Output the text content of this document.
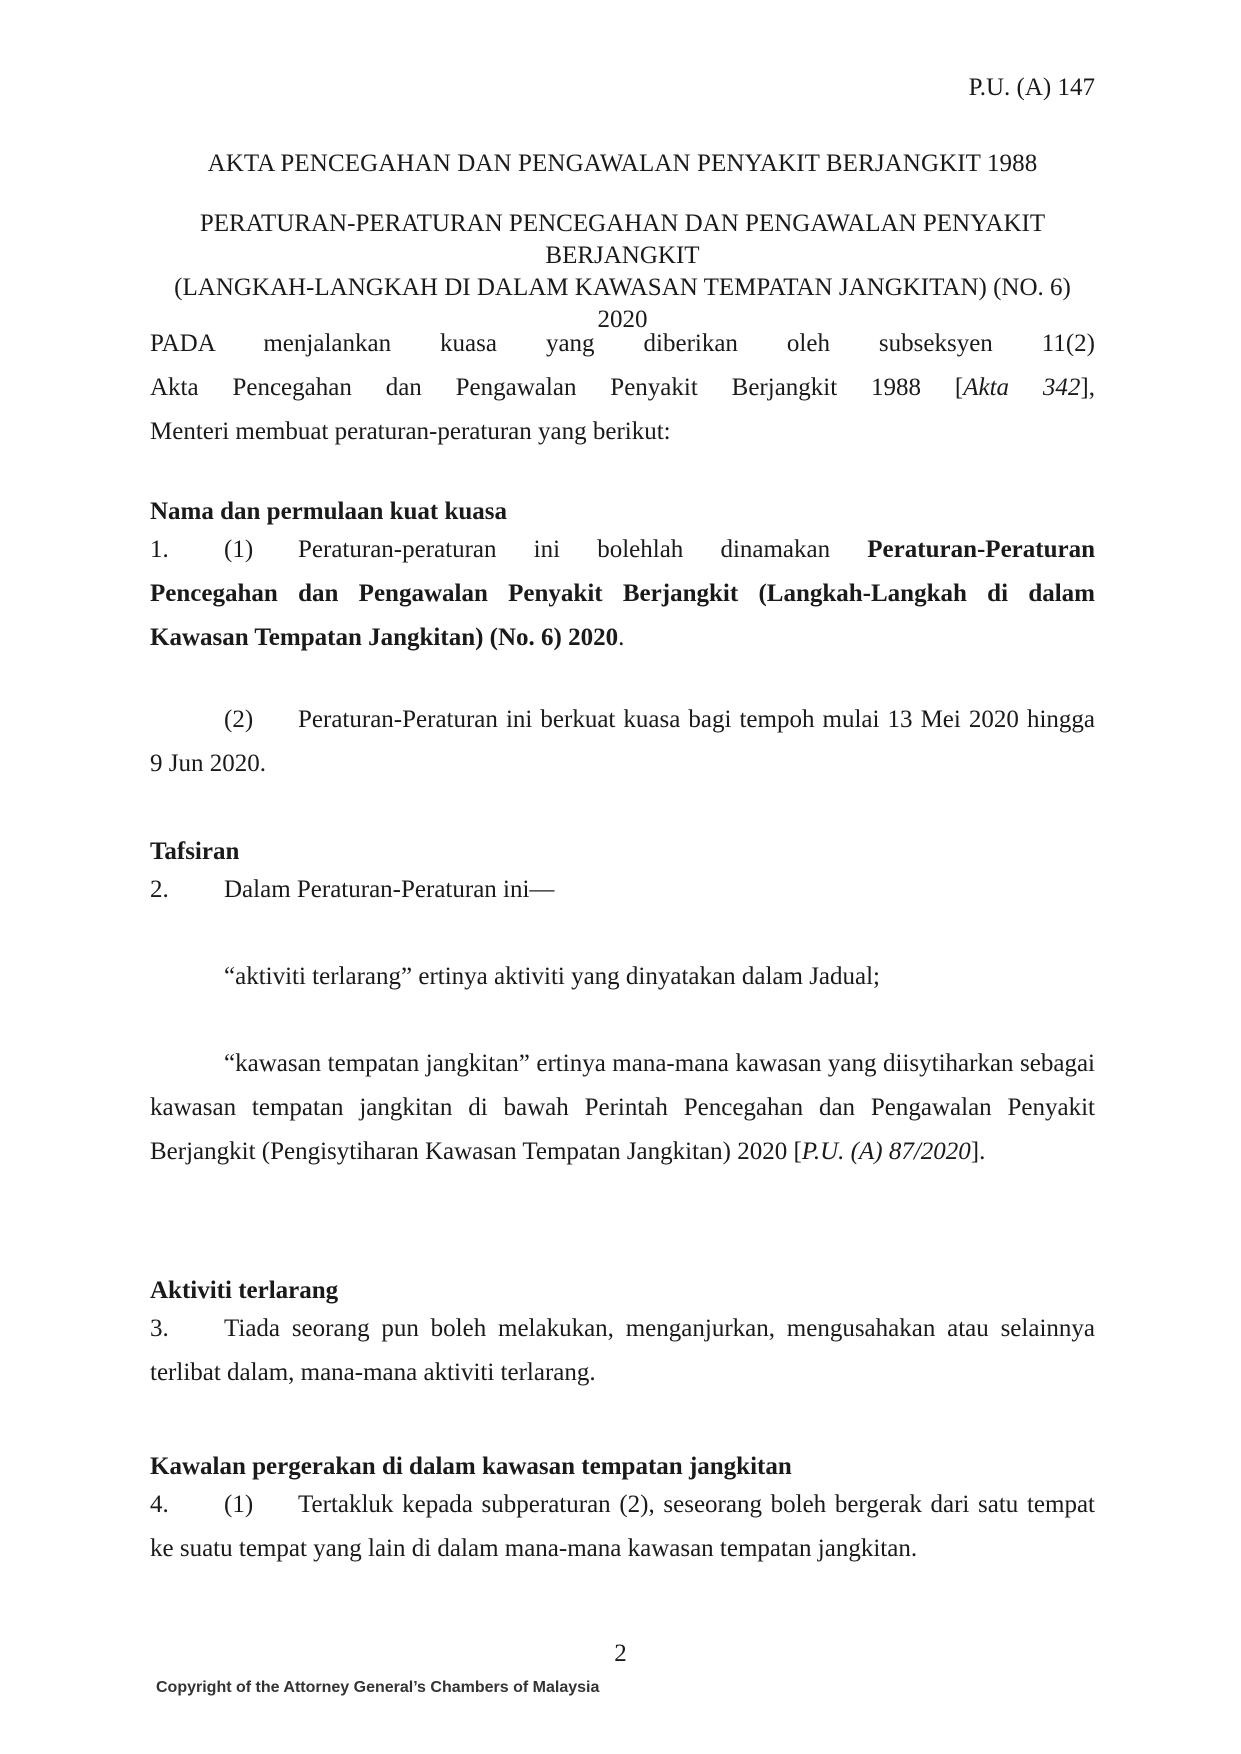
P.U. (A) 147
AKTA PENCEGAHAN DAN PENGAWALAN PENYAKIT BERJANGKIT 1988
PERATURAN-PERATURAN PENCEGAHAN DAN PENGAWALAN PENYAKIT BERJANGKIT
(LANGKAH-LANGKAH DI DALAM KAWASAN TEMPATAN JANGKITAN) (NO. 6) 2020
PADA menjalankan kuasa yang diberikan oleh subseksyen 11(2)
Akta Pencegahan dan Pengawalan Penyakit Berjangkit 1988 [Akta 342],
Menteri membuat peraturan-peraturan yang berikut:
Nama dan permulaan kuat kuasa
1. (1) Peraturan-peraturan ini bolehlah dinamakan Peraturan-Peraturan Pencegahan dan Pengawalan Penyakit Berjangkit (Langkah-Langkah di dalam Kawasan Tempatan Jangkitan) (No. 6) 2020.
(2) Peraturan-Peraturan ini berkuat kuasa bagi tempoh mulai 13 Mei 2020 hingga 9 Jun 2020.
Tafsiran
2. Dalam Peraturan-Peraturan ini—
“aktiviti terlarang” ertinya aktiviti yang dinyatakan dalam Jadual;
“kawasan tempatan jangkitan” ertinya mana-mana kawasan yang diisytiharkan sebagai kawasan tempatan jangkitan di bawah Perintah Pencegahan dan Pengawalan Penyakit Berjangkit (Pengisytiharan Kawasan Tempatan Jangkitan) 2020 [P.U. (A) 87/2020].
Aktiviti terlarang
3. Tiada seorang pun boleh melakukan, menganjurkan, mengusahakan atau selainnya terlibat dalam, mana-mana aktiviti terlarang.
Kawalan pergerakan di dalam kawasan tempatan jangkitan
4. (1) Tertakluk kepada subperaturan (2), seseorang boleh bergerak dari satu tempat ke suatu tempat yang lain di dalam mana-mana kawasan tempatan jangkitan.
2
Copyright of the Attorney General’s Chambers of Malaysia
